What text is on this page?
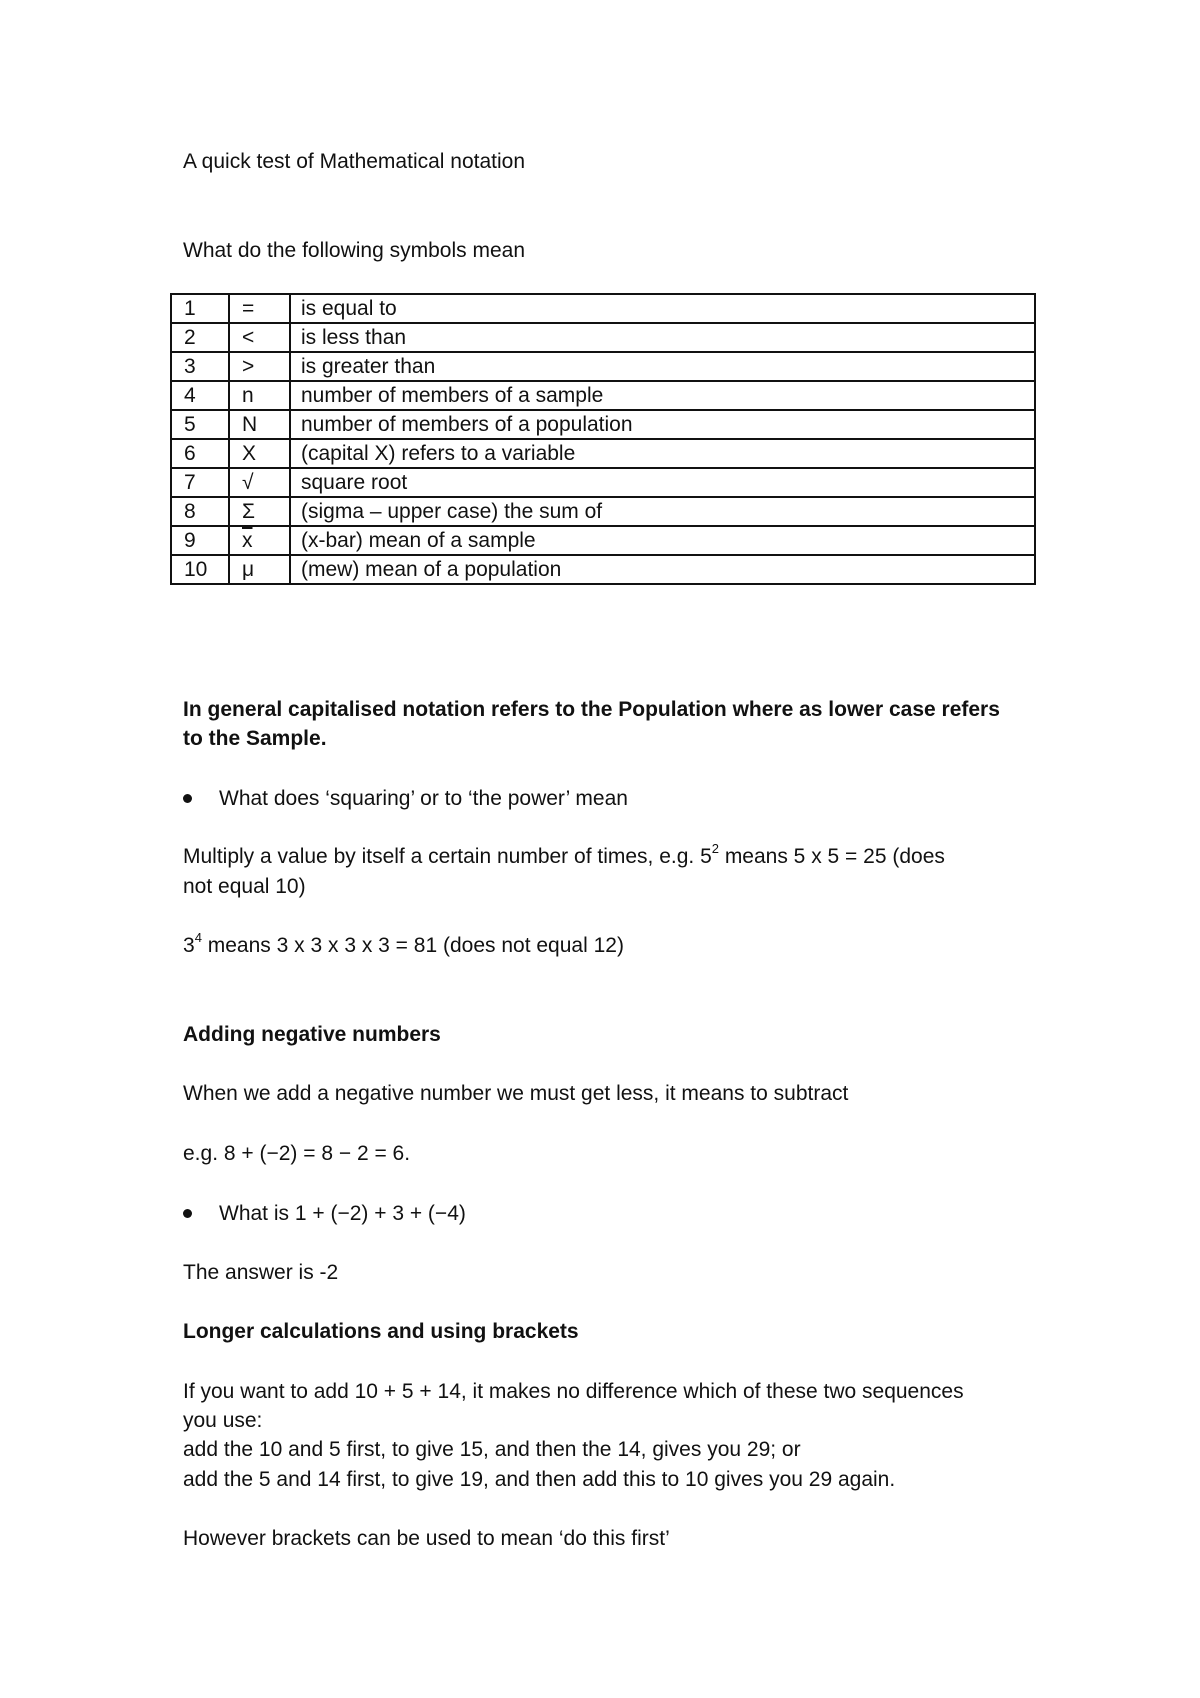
A quick test of Mathematical notation
What do the following symbols mean
1	=	is equal to
2	<	is less than
3	>	is greater than
4	n	number of members of a sample
5	N	number of members of a population
6	X	(capital X) refers to a variable
7	√	square root
8	Σ	(sigma – upper case) the sum of
9	$\overline{x}$	(x-bar) mean of a sample
10	μ	(mew) mean of a population
In general capitalised notation refers to the Population where as lower case refers
to the Sample.
What does ‘squaring’ or to ‘the power’ mean
Multiply a value by itself a certain number of times, e.g. $5^2$ means 5 x 5 = 25 (does
not equal 10)
$3^4$ means 3 x 3 x 3 x 3 = 81 (does not equal 12)
Adding negative numbers
When we add a negative number we must get less, it means to subtract
e.g. 8 + (−2) = 8 − 2 = 6.
What is 1 + (−2) + 3 + (−4)
The answer is -2
Longer calculations and using brackets
If you want to add 10 + 5 + 14, it makes no difference which of these two sequences
you use:
add the 10 and 5 first, to give 15, and then the 14, gives you 29; or
add the 5 and 14 first, to give 19, and then add this to 10 gives you 29 again.
However brackets can be used to mean ‘do this first’
